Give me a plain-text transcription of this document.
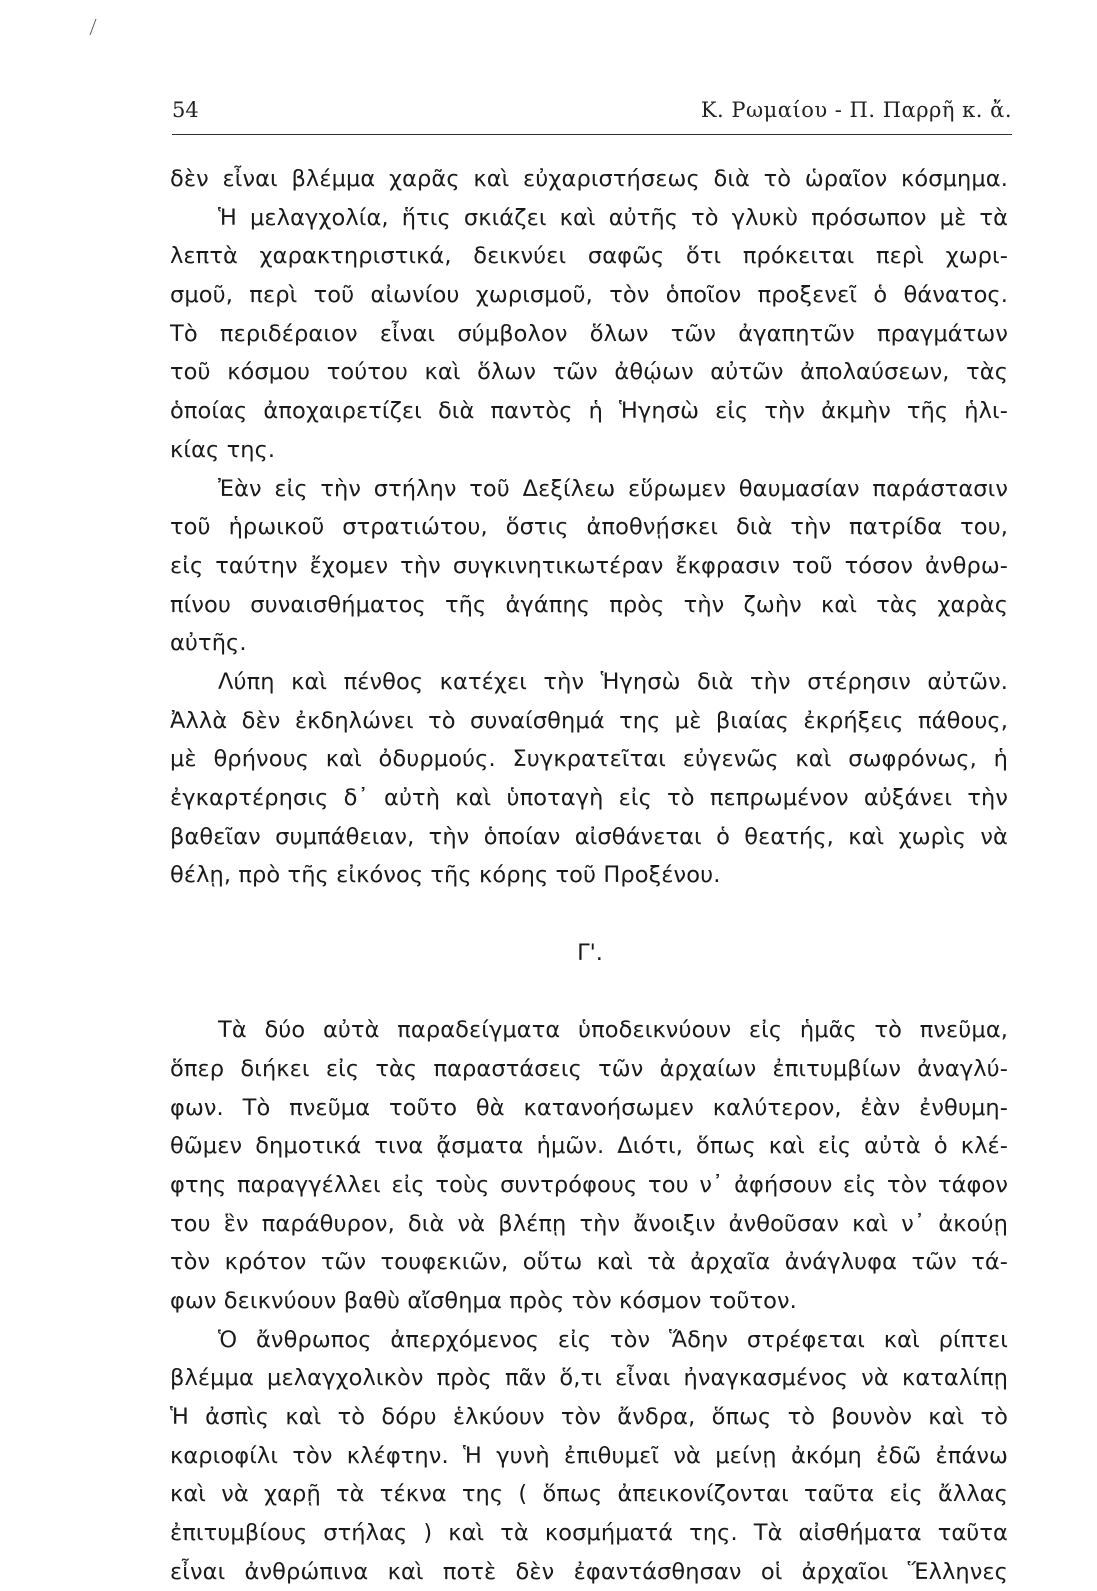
54	Κ. Ρωμαίου - Π. Παρρῆ κ. ἄ.
δὲν εἶναι βλέμμα χαρᾶς καὶ εὐχαριστήσεως διὰ τὸ ὡραῖον κόσμημα.
Ἡ μελαγχολία, ἥτις σκιάζει καὶ αὐτῆς τὸ γλυκὺ πρόσωπον μὲ τὰ
λεπτὰ χαρακτηριστικά, δεικνύει σαφῶς ὅτι πρόκειται περὶ χωρι-
σμοῦ, περὶ τοῦ αἰωνίου χωρισμοῦ, τὸν ὁποῖον προξενεῖ ὁ θάνατος.
Τὸ περιδέραιον εἶναι σύμβολον ὅλων τῶν ἀγαπητῶν πραγμάτων
τοῦ κόσμου τούτου καὶ ὅλων τῶν ἀθῴων αὐτῶν ἀπολαύσεων, τὰς
ὁποίας ἀποχαιρετίζει διὰ παντὸς ἡ Ἡγησὼ εἰς τὴν ἀκμὴν τῆς ἡλι-
κίας της.
Ἐὰν εἰς τὴν στήλην τοῦ Δεξίλεω εὕρωμεν θαυμασίαν παράστασιν
τοῦ ἡρωικοῦ στρατιώτου, ὅστις ἀποθνῄσκει διὰ τὴν πατρίδα του,
εἰς ταύτην ἔχομεν τὴν συγκινητικωτέραν ἔκφρασιν τοῦ τόσον ἀνθρω-
πίνου συναισθήματος τῆς ἀγάπης πρὸς τὴν ζωὴν καὶ τὰς χαρὰς
αὐτῆς.
Λύπη καὶ πένθος κατέχει τὴν Ἡγησὼ διὰ τὴν στέρησιν αὐτῶν.
Ἀλλὰ δὲν ἐκδηλώνει τὸ συναίσθημά της μὲ βιαίας ἐκρήξεις πάθους,
μὲ θρήνους καὶ ὀδυρμούς. Συγκρατεῖται εὐγενῶς καὶ σωφρόνως, ἡ
ἐγκαρτέρησις δ᾿ αὐτὴ καὶ ὑποταγὴ εἰς τὸ πεπρωμένον αὐξάνει τὴν
βαθεῖαν συμπάθειαν, τὴν ὁποίαν αἰσθάνεται ὁ θεατής, καὶ χωρὶς νὰ
θέλῃ, πρὸ τῆς εἰκόνος τῆς κόρης τοῦ Προξένου.
Γ'.
Τὰ δύο αὐτὰ παραδείγματα ὑποδεικνύουν εἰς ἡμᾶς τὸ πνεῦμα,
ὅπερ διήκει εἰς τὰς παραστάσεις τῶν ἀρχαίων ἐπιτυμβίων ἀναγλύ-
φων. Τὸ πνεῦμα τοῦτο θὰ κατανοήσωμεν καλύτερον, ἐὰν ἐνθυμη-
θῶμεν δημοτικά τινα ᾄσματα ἡμῶν. Διότι, ὅπως καὶ εἰς αὐτὰ ὁ κλέ-
φτης παραγγέλλει εἰς τοὺς συντρόφους του ν᾿ ἀφήσουν εἰς τὸν τάφον
του ἓν παράθυρον, διὰ νὰ βλέπῃ τὴν ἄνοιξιν ἀνθοῦσαν καὶ ν᾿ ἀκούῃ
τὸν κρότον τῶν τουφεκιῶν, οὕτω καὶ τὰ ἀρχαῖα ἀνάγλυφα τῶν τά-
φων δεικνύουν βαθὺ αἴσθημα πρὸς τὸν κόσμον τοῦτον.
Ὁ ἄνθρωπος ἀπερχόμενος εἰς τὸν Ἅδην στρέφεται καὶ ρίπτει
βλέμμα μελαγχολικὸν πρὸς πᾶν ὅ,τι εἶναι ἠναγκασμένος νὰ καταλίπῃ
Ἡ ἀσπὶς καὶ τὸ δόρυ ἑλκύουν τὸν ἄνδρα, ὅπως τὸ βουνὸν καὶ τὸ
καριοφίλι τὸν κλέφτην. Ἡ γυνὴ ἐπιθυμεῖ νὰ μείνῃ ἀκόμη ἐδῶ ἐπάνω
καὶ νὰ χαρῇ τὰ τέκνα της ( ὅπως ἀπεικονίζονται ταῦτα εἰς ἄλλας
ἐπιτυμβίους στήλας ) καὶ τὰ κοσμήματά της. Τὰ αἰσθήματα ταῦτα
εἶναι ἀνθρώπινα καὶ ποτὲ δὲν ἐφαντάσθησαν οἱ ἀρχαῖοι Ἕλληνες
